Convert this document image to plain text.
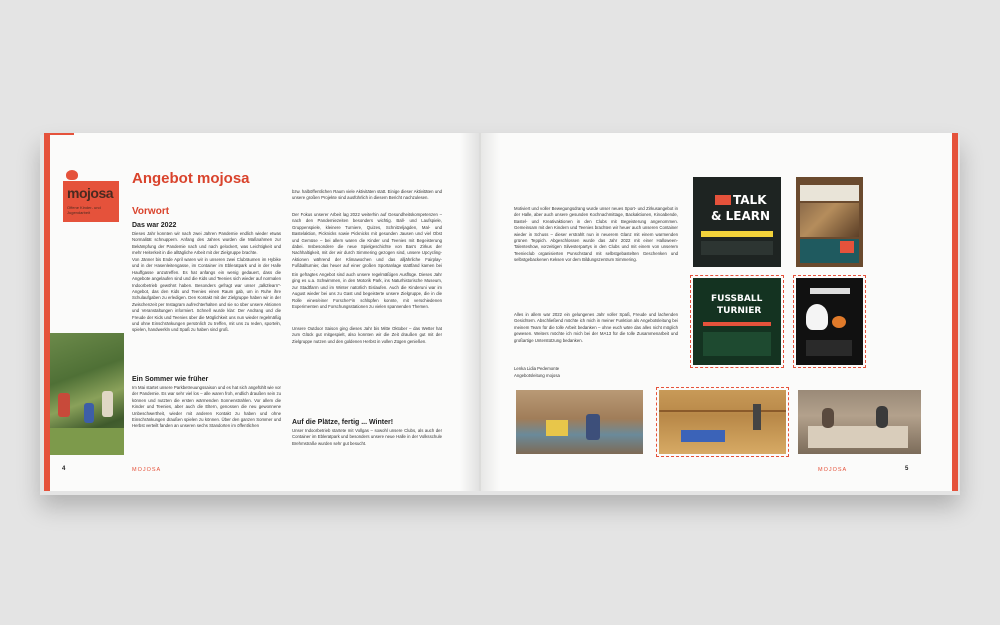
mojosa
Offene Kinder- und Jugendarbeit
Angebot mojosa
Vorwort
Das war 2022
Dieses Jahr konnten wir nach zwei Jahren Pandemie endlich wieder etwas Normalität schnuppern. Anfang des Jahres wurden die Maßnahmen zur Bekämpfung der Pandemie nach und nach gelockert, was Leichtigkeit und mehr Heiterkeit in die alltägliche Arbeit mit der Zielgruppe brachte.
Von Jänner bis Ende April waren wir in unseren zwei Clubräumen im Hybike und in der Hasenleitengasse, im Container im Ebleratpark und in der Halle Hauffgasse anzutreffen. Es hat anfangs ein wenig gedauert, dass die Angebote angelaufen sind und die Kids und Teenies sich wieder auf normalen Indoorbetrieb gewöhnt haben. Besonders gefragt war unser „talk2learn“-Angebot, das den Kids und Teenies einen Raum gab, um in Ruhe ihre Schulaufgaben zu erledigen. Den Kontakt mit der Zielgruppe haben wir in der Zwischenzeit per Instagram aufrechterhalten und sie so über unsere Aktionen und Veranstaltungen informiert. Schnell wurde klar: Der Andrang und die Freude der Kids und Teenies über die Möglichkeit uns nun wieder regelmäßig und ohne Einschränkungen persönlich zu treffen, mit uns zu reden, sporteln, spielen, handwerkln und Spaß zu haben sind groß.
Ein Sommer wie früher
Im Mai startet unsere Parkbetreuungssaison und es hat sich angefühlt wie vor der Pandemie. Es war sehr viel los – alle waren froh, endlich draußen sein zu können und nutzten die ersten wärmenden Sonnenstrahlen. Vor allem die Kinder und Teenies, aber auch die Eltern, genossen die neu gewonnene Unbeschwertheit, wieder mit anderen Kontakt zu haben und ohne Einschränkungen draußen spielen zu können. Über den ganzen Sommer und Herbst verteilt fanden an unseren sechs Standorten im öffentlichen
bzw. halböffentlichen Raum viele Aktivitäten statt. Einige dieser Aktivitäten und unsere großen Projekte sind ausführlich in diesem Bericht nachzulesen.
Der Fokus unserer Arbeit lag 2022 weiterhin auf Gesundheitskompetenzen – nach den Pandemiezeiten besonders wichtig. Ball- und Laufspiele, Gruppenspiele, kleinere Turniere, Quizes, Schnitzeljagden, Mal- und Bastelaktion, Picknicks sowie Picknicks mit gesunden Jausen und viel Obst und Gemüse – bei allem waren die Kinder und Teenies mit Begeisterung dabei. Insbesondere die neue Spielgeschichte von Bas's Zirkus der Nachhaltigkeit, mit der wir durch Simmering gezogen sind, unsere Upcycling-Aktionen während der Klimawochen und das alljährliche Fairplay-Fußballturnier, das heuer auf einer großen Sportanlage stattfand kamen bei
Ein gefragtes Angebot sind auch unsere regelmäßigen Ausflüge. Dieses Jahr ging es u.a. Schwimmen, in den Motorik Park, ins Naturhistorische Museum, zur Stadtfarm und im Winter natürlich Eislaufen. Auch die Kinderuni war im August wieder bei uns zu Gast und begeisterte unsere Zielgruppe, die in die Rolle eines/einer Forscher*in schlüpfen konnte, mit verschiedenen Experimenten und Forschungsstationen zu vielen spannenden Themen.
Unsere Outdoor Saison ging dieses Jahr bis Mitte Oktober – das Wetter hat zum Glück gut mitgespielt, also konnten wir die Zeit draußen gut mit der Zielgruppe nutzen und den goldenen Herbst in vollen Zügen genießen.
Auf die Plätze, fertig ... Winter!
Unser Indoorbetrieb startete mit Vollgas – sowohl unsere Clubs, als auch der Container im Ebleratpark und besonders unsere neue Halle in der Volksschule Brehmstraße wurden sehr gut besucht.
4	MOJOSA
Motiviert und voller Bewegungsdrang wurde unser neues Sport- und Zirkusangebot in der Halle, aber auch unsere gesunden Kochnachmittage, Backaktionen, Kinoabende, Bastel- und Kreativaktionen in den Clubs mit Begeisterung angenommen. Gemeinsam mit den Kindern und Teenies brachten wir heuer auch unseren Container wieder in Schuss – dieser erstrahlt nun in neuerem Glanz mit einem warmenden grünen Teppich. Abgeschlossen wurde das Jahr 2022 mit einer Halloween-Talenteshow, vorzeitigen Silvesterpartys in den Clubs und mit einem von unserem Teenieclub organisierten Punschstand mit selbstgebastelten Geschenken und selbstgebackenen Keksen vor dem Bildungszentrum Simmering.
Alles in allem war 2022 ein gelungenes Jahr voller Spaß, Freude und lachenden Gesichtern. Abschließend möchte ich mich in meiner Funktion als Angebotsleitung bei meinem Team für die tolle Arbeit bedanken – ohne euch wäre das alles nicht möglich gewesen. Weiters möchte ich mich bei der MA13 für die tolle Zusammenarbeit und großartige Unterstützung bedanken.
Lenka Lidia Pedemonte
Angebotsleitung mojosa
TALK
& LEARN
FUSSBALL
TURNIER
MOJOSA	5
